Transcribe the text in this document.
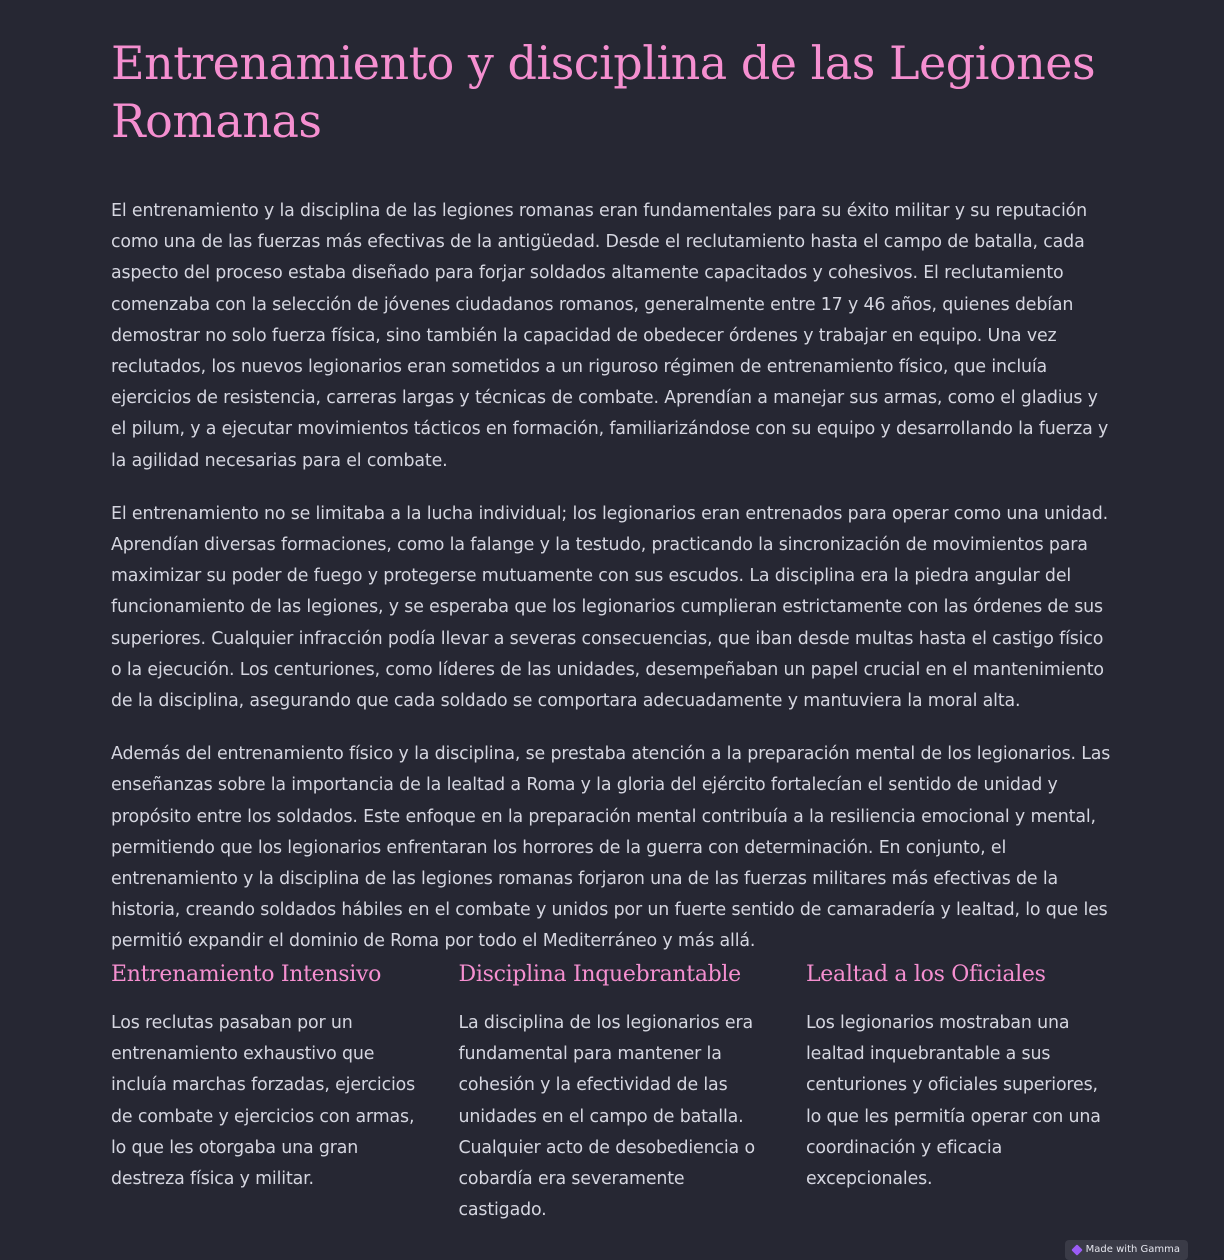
Entrenamiento y disciplina de las Legiones Romanas

El entrenamiento y la disciplina de las legiones romanas eran fundamentales para su éxito militar y su reputación como una de las fuerzas más efectivas de la antigüedad. Desde el reclutamiento hasta el campo de batalla, cada aspecto del proceso estaba diseñado para forjar soldados altamente capacitados y cohesivos. El reclutamiento comenzaba con la selección de jóvenes ciudadanos romanos, generalmente entre 17 y 46 años, quienes debían demostrar no solo fuerza física, sino también la capacidad de obedecer órdenes y trabajar en equipo. Una vez reclutados, los nuevos legionarios eran sometidos a un riguroso régimen de entrenamiento físico, que incluía ejercicios de resistencia, carreras largas y técnicas de combate. Aprendían a manejar sus armas, como el gladius y el pilum, y a ejecutar movimientos tácticos en formación, familiarizándose con su equipo y desarrollando la fuerza y la agilidad necesarias para el combate.

El entrenamiento no se limitaba a la lucha individual; los legionarios eran entrenados para operar como una unidad. Aprendían diversas formaciones, como la falange y la testudo, practicando la sincronización de movimientos para maximizar su poder de fuego y protegerse mutuamente con sus escudos. La disciplina era la piedra angular del funcionamiento de las legiones, y se esperaba que los legionarios cumplieran estrictamente con las órdenes de sus superiores. Cualquier infracción podía llevar a severas consecuencias, que iban desde multas hasta el castigo físico o la ejecución. Los centuriones, como líderes de las unidades, desempeñaban un papel crucial en el mantenimiento de la disciplina, asegurando que cada soldado se comportara adecuadamente y mantuviera la moral alta.

Además del entrenamiento físico y la disciplina, se prestaba atención a la preparación mental de los legionarios. Las enseñanzas sobre la importancia de la lealtad a Roma y la gloria del ejército fortalecían el sentido de unidad y propósito entre los soldados. Este enfoque en la preparación mental contribuía a la resiliencia emocional y mental, permitiendo que los legionarios enfrentaran los horrores de la guerra con determinación. En conjunto, el entrenamiento y la disciplina de las legiones romanas forjaron una de las fuerzas militares más efectivas de la historia, creando soldados hábiles en el combate y unidos por un fuerte sentido de camaradería y lealtad, lo que les permitió expandir el dominio de Roma por todo el Mediterráneo y más allá.

Entrenamiento Intensivo

Los reclutas pasaban por un entrenamiento exhaustivo que incluía marchas forzadas, ejercicios de combate y ejercicios con armas, lo que les otorgaba una gran destreza física y militar.

Disciplina Inquebrantable

La disciplina de los legionarios era fundamental para mantener la cohesión y la efectividad de las unidades en el campo de batalla. Cualquier acto de desobediencia o cobardía era severamente castigado.

Lealtad a los Oficiales

Los legionarios mostraban una lealtad inquebrantable a sus centuriones y oficiales superiores, lo que les permitía operar con una coordinación y eficacia excepcionales.

Made with Gamma
